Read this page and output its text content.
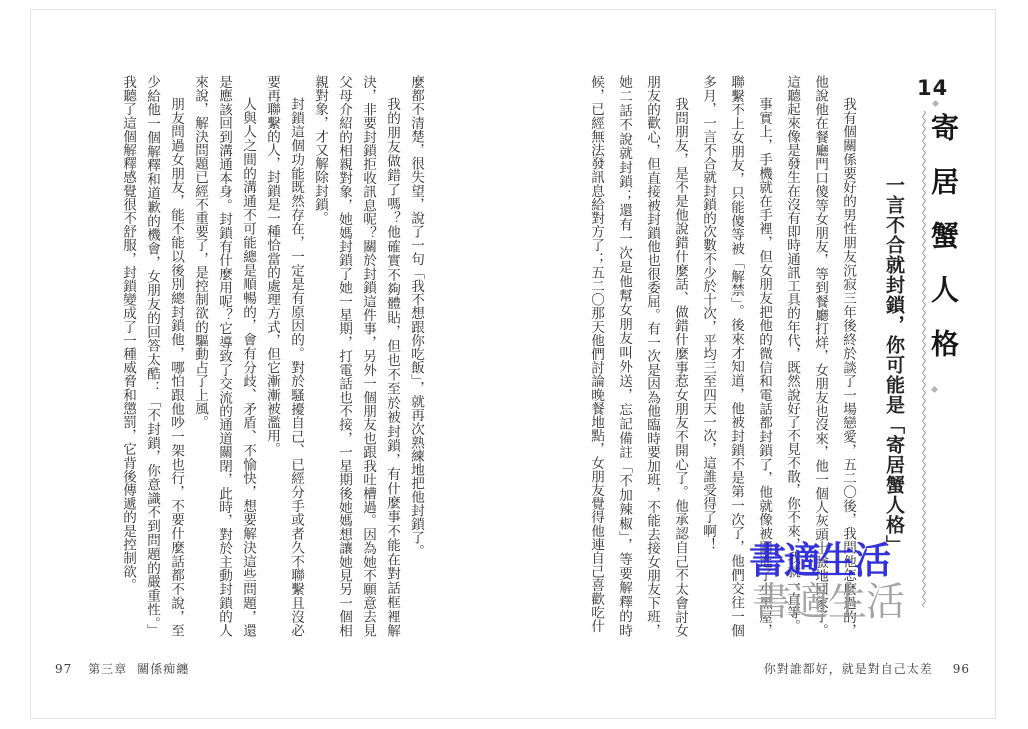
14
寄居蟹人格
一言不合就封鎖，你可能是「寄居蟹人格」

我有個關係要好的男性朋友沉寂三年後終於談了一場戀愛，五二〇後，我問他怎麼過的，他說他在餐廳門口傻等女朋友，等到餐廳打烊，女朋友也沒來，他一個人灰頭土臉地回家了。這聽起來像是發生在沒有即時通訊工具的年代，既然說好了不見不散，你不來，我就一直等。

事實上，手機就在手裡，但女朋友把他的微信和電話都封鎖了，他就像被關進了小黑屋，聯繫不上女朋友，只能傻等被「解禁」。後來才知道，他被封鎖不是第一次了，他們交往一個多月，一言不合就封鎖的次數不少於十次，平均三至四天一次，這誰受得了啊！

我問朋友，是不是他說錯什麼話、做錯什麼事惹女朋友不開心了。他承認自己不太會討女朋友的歡心，但直接被封鎖他也很委屈。有一次是因為他臨時要加班，不能去接女朋友下班，她二話不說就封鎖；還有一次是他幫女朋友叫外送，忘記備註「不加辣椒」，等要解釋的時候，已經無法發訊息給對方了；五二〇那天他們討論晚餐地點，女朋友覺得他連自己喜歡吃什

你對誰都好，就是對自己太差 96

麼都不清楚，很失望，說了一句「我不想跟你吃飯」，就再次熟練地把他封鎖了。

我的朋友做錯了嗎？他確實不夠體貼，但也不至於被封鎖，有什麼事不能在對話框裡解決，非要封鎖拒收訊息呢？關於封鎖這件事，另外一個朋友也跟我吐槽過。因為她不願意去見父母介紹的相親對象，她媽封鎖了她一星期，打電話也不接，一星期後她媽想讓她見另一個相親對象，才又解除封鎖。

封鎖這個功能既然存在，一定是有原因的。對於騷擾自己、已經分手或者久不聯繫且沒必要再聯繫的人，封鎖是一種恰當的處理方式，但它漸漸被濫用。

人與人之間的溝通不可能總是順暢的，會有分歧、矛盾、不愉快，想要解決這些問題，還是應該回到溝通本身。封鎖有什麼用呢？它導致了交流的通道關閉，此時，對於主動封鎖的人來說，解決問題已經不重要了，是控制欲的驅動占了上風。

朋友問過女朋友，能不能以後別總封鎖他，哪怕跟他吵一架也行，不要什麼話都不說，至少給他一個解釋和道歉的機會，女朋友的回答太酷：「不封鎖，你意識不到問題的嚴重性。」我聽了這個解釋感覺很不舒服，封鎖變成了一種威脅和懲罰，它背後傳遞的是控制欲。

97 第三章 關係痴纏
書適生活
書適生活
